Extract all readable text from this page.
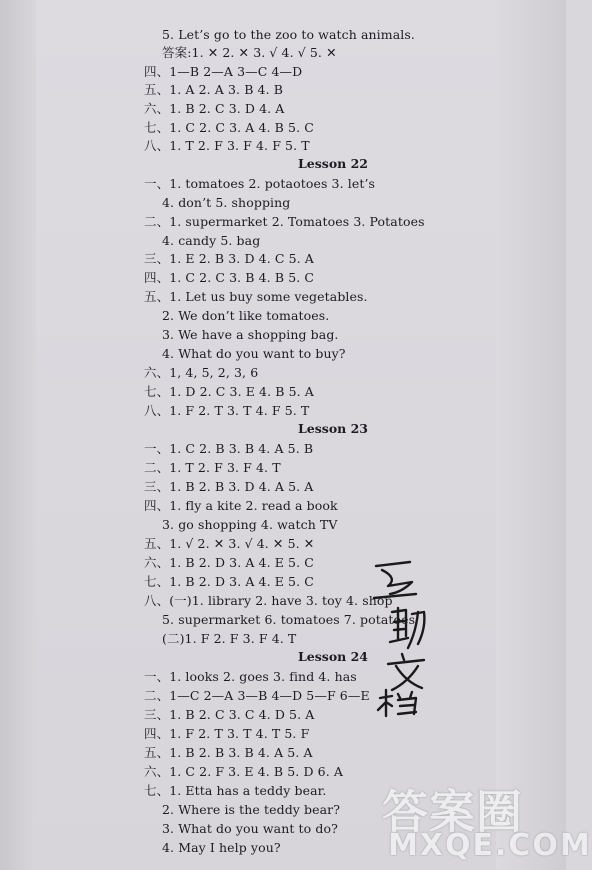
5. Let’s go to the zoo to watch animals.
答案:1. ✕ 2. ✕ 3. √ 4. √ 5. ✕
四、1—B 2—A 3—C 4—D
五、1. A 2. A 3. B 4. B
六、1. B 2. C 3. D 4. A
七、1. C 2. C 3. A 4. B 5. C
八、1. T 2. F 3. F 4. F 5. T
一、1. tomatoes 2. potaotoes 3. let’s
4. don’t 5. shopping
二、1. supermarket 2. Tomatoes 3. Potatoes
4. candy 5. bag
三、1. E 2. B 3. D 4. C 5. A
四、1. C 2. C 3. B 4. B 5. C
五、1. Let us buy some vegetables.
2. We don’t like tomatoes.
3. We have a shopping bag.
4. What do you want to buy?
六、1, 4, 5, 2, 3, 6
七、1. D 2. C 3. E 4. B 5. A
八、1. F 2. T 3. T 4. F 5. T
一、1. C 2. B 3. B 4. A 5. B
二、1. T 2. F 3. F 4. T
三、1. B 2. B 3. D 4. A 5. A
四、1. fly a kite 2. read a book
3. go shopping 4. watch TV
五、1. √ 2. ✕ 3. √ 4. ✕ 5. ✕
六、1. B 2. D 3. A 4. E 5. C
七、1. B 2. D 3. A 4. E 5. C
八、(一)1. library 2. have 3. toy 4. shop
5. supermarket 6. tomatoes 7. potatoes
(二)1. F 2. F 3. F 4. T
一、1. looks 2. goes 3. find 4. has
二、1—C 2—A 3—B 4—D 5—F 6—E
三、1. B 2. C 3. C 4. D 5. A
四、1. F 2. T 3. T 4. T 5. F
五、1. B 2. B 3. B 4. A 5. A
六、1. C 2. F 3. E 4. B 5. D 6. A
七、1. Etta has a teddy bear.
2. Where is the teddy bear?
3. What do you want to do?
4. May I help you?
Lesson 22
Lesson 23
Lesson 24
答案圈
MXQE.COM
